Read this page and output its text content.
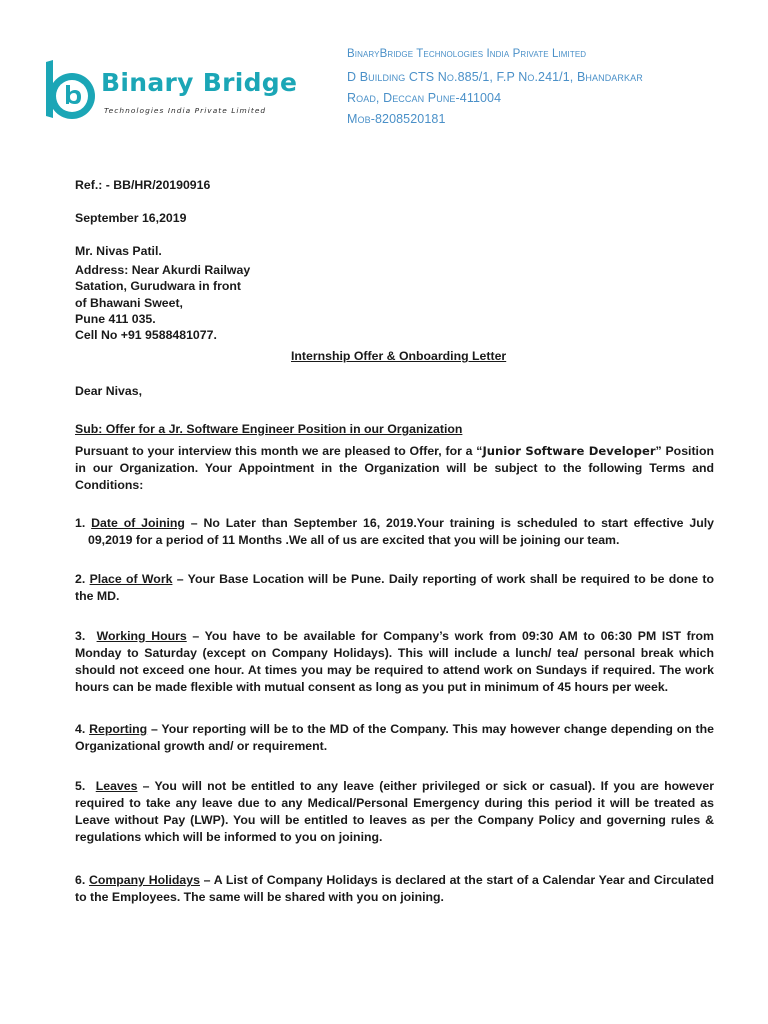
Binary Bridge
Technologies India Private Limited
BinaryBridge Technologies India Private Limited
D Building CTS No.885/1, F.P No.241/1, Bhandarkar
Road, Deccan Pune-411004
Mob-8208520181
Ref.: - BB/HR/20190916
September 16,2019
Mr. Nivas Patil.
Address: Near Akurdi Railway
Satation, Gurudwara in front
of Bhawani Sweet,
Pune 411 035.
Cell No +91 9588481077.
Internship Offer & Onboarding Letter
Dear Nivas,
Sub: Offer for a Jr. Software Engineer Position in our Organization
Pursuant to your interview this month we are pleased to Offer, for a “Junior Software Developer” Position in our Organization. Your Appointment in the Organization will be subject to the following Terms and Conditions:
1. Date of Joining – No Later than September 16, 2019.Your training is scheduled to start effective July
09,2019 for a period of 11 Months .We all of us are excited that you will be joining our team.
2. Place of Work – Your Base Location will be Pune. Daily reporting of work shall be required to be done to the MD.
3. Working Hours – You have to be available for Company’s work from 09:30 AM to 06:30 PM IST from Monday to Saturday (except on Company Holidays). This will include a lunch/ tea/ personal break which should not exceed one hour. At times you may be required to attend work on Sundays if required. The work hours can be made flexible with mutual consent as long as you put in minimum of 45 hours per week.
4. Reporting – Your reporting will be to the MD of the Company. This may however change depending on the Organizational growth and/ or requirement.
5. Leaves – You will not be entitled to any leave (either privileged or sick or casual). If you are however required to take any leave due to any Medical/Personal Emergency during this period it will be treated as Leave without Pay (LWP). You will be entitled to leaves as per the Company Policy and governing rules & regulations which will be informed to you on joining.
6. Company Holidays – A List of Company Holidays is declared at the start of a Calendar Year and Circulated to the Employees. The same will be shared with you on joining.
